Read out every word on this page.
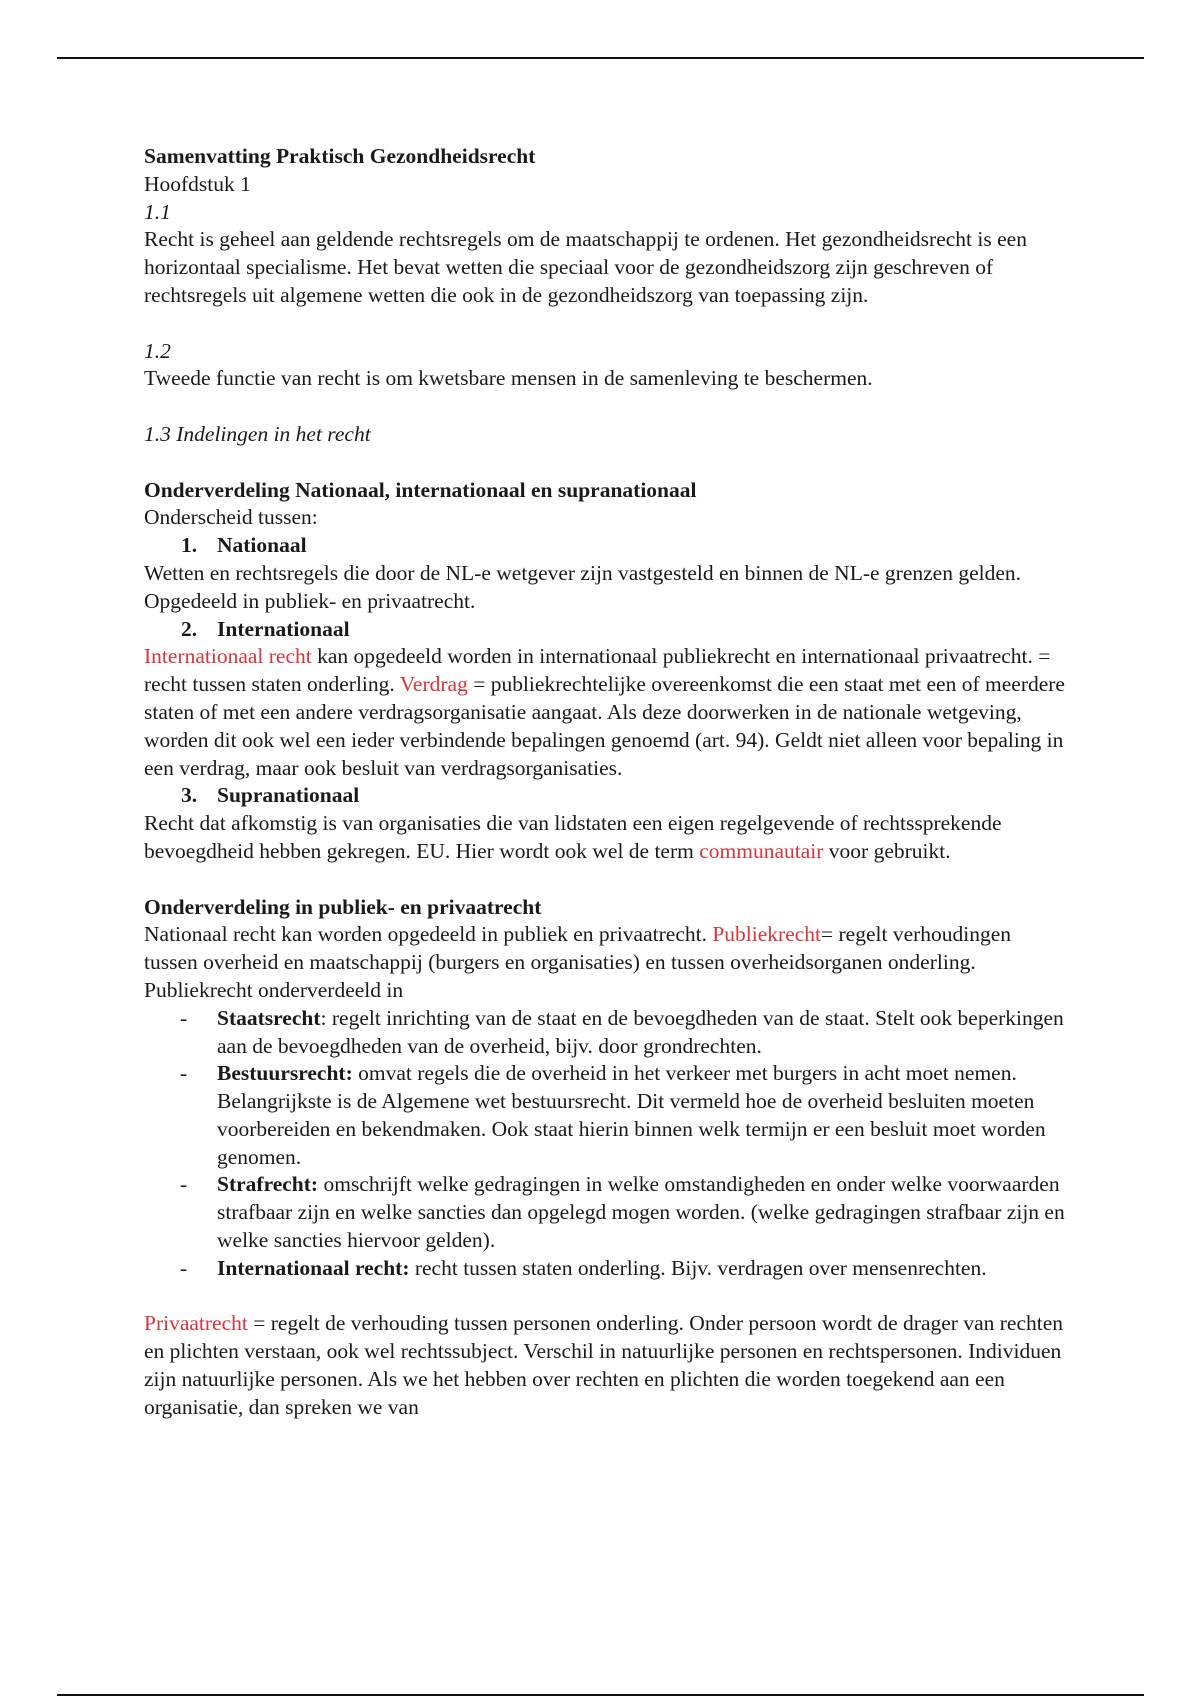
Samenvatting Praktisch Gezondheidsrecht

Hoofdstuk 1

1.1

Recht is geheel aan geldende rechtsregels om de maatschappij te ordenen. Het gezondheidsrecht is een horizontaal specialisme. Het bevat wetten die speciaal voor de gezondheidszorg zijn geschreven of rechtsregels uit algemene wetten die ook in de gezondheidszorg van toepassing zijn.

1.2

Tweede functie van recht is om kwetsbare mensen in de samenleving te beschermen.

1.3 Indelingen in het recht

Onderverdeling Nationaal, internationaal en supranationaal

Onderscheid tussen:

1. Nationaal

Wetten en rechtsregels die door de NL-e wetgever zijn vastgesteld en binnen de NL-e grenzen gelden. Opgedeeld in publiek- en privaatrecht.

2. Internationaal

Internationaal recht kan opgedeeld worden in internationaal publiekrecht en internationaal privaatrecht. = recht tussen staten onderling. Verdrag = publiekrechtelijke overeenkomst die een staat met een of meerdere staten of met een andere verdragsorganisatie aangaat. Als deze doorwerken in de nationale wetgeving, worden dit ook wel een ieder verbindende bepalingen genoemd (art. 94). Geldt niet alleen voor bepaling in een verdrag, maar ook besluit van verdragsorganisaties.

3. Supranationaal

Recht dat afkomstig is van organisaties die van lidstaten een eigen regelgevende of rechtssprekende bevoegdheid hebben gekregen. EU. Hier wordt ook wel de term communautair voor gebruikt.

Onderverdeling in publiek- en privaatrecht

Nationaal recht kan worden opgedeeld in publiek en privaatrecht. Publiekrecht= regelt verhoudingen tussen overheid en maatschappij (burgers en organisaties) en tussen overheidsorganen onderling. Publiekrecht onderverdeeld in

-	Staatsrecht: regelt inrichting van de staat en de bevoegdheden van de staat. Stelt ook beperkingen aan de bevoegdheden van de overheid, bijv. door grondrechten.
-	Bestuursrecht: omvat regels die de overheid in het verkeer met burgers in acht moet nemen. Belangrijkste is de Algemene wet bestuursrecht. Dit vermeld hoe de overheid besluiten moeten voorbereiden en bekendmaken. Ook staat hierin binnen welk termijn er een besluit moet worden genomen.
-	Strafrecht: omschrijft welke gedragingen in welke omstandigheden en onder welke voorwaarden strafbaar zijn en welke sancties dan opgelegd mogen worden. (welke gedragingen strafbaar zijn en welke sancties hiervoor gelden).
-	Internationaal recht: recht tussen staten onderling. Bijv. verdragen over mensenrechten.

Privaatrecht = regelt de verhouding tussen personen onderling. Onder persoon wordt de drager van rechten en plichten verstaan, ook wel rechtssubject. Verschil in natuurlijke personen en rechtspersonen. Individuen zijn natuurlijke personen. Als we het hebben over rechten en plichten die worden toegekend aan een organisatie, dan spreken we van
